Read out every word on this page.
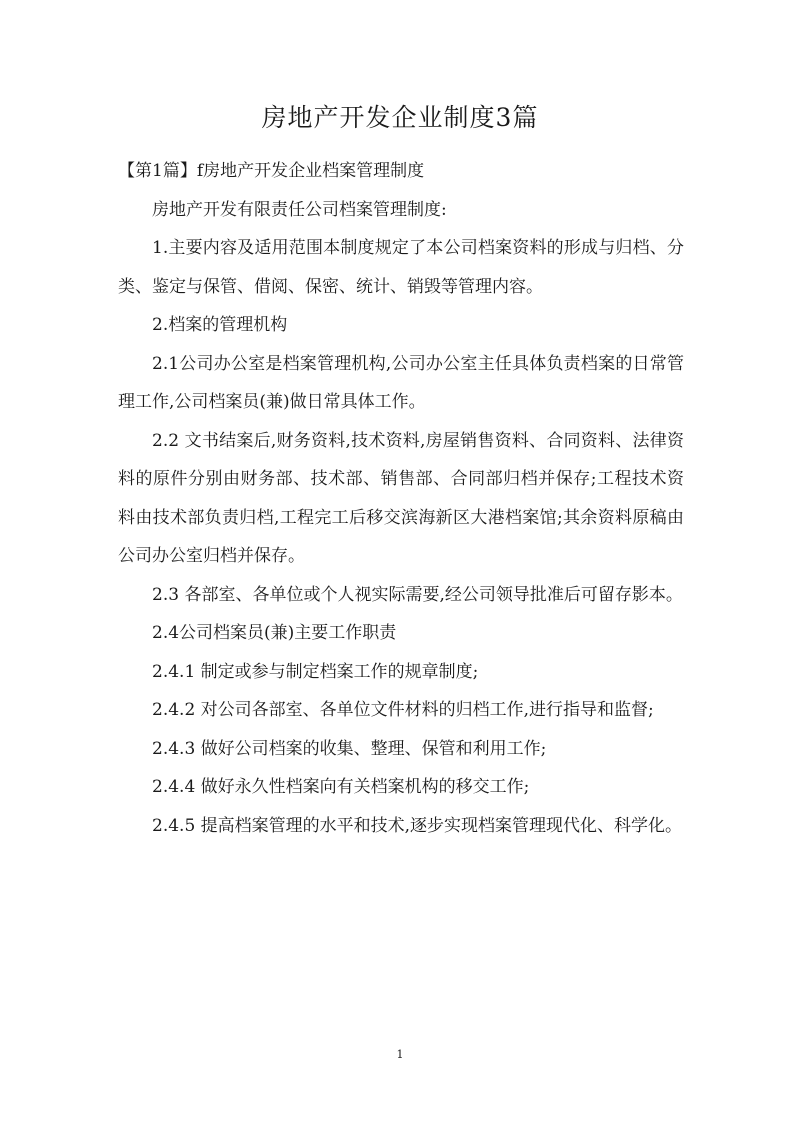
房地产开发企业制度3篇

【第1篇】f房地产开发企业档案管理制度

房地产开发有限责任公司档案管理制度:

1.主要内容及适用范围本制度规定了本公司档案资料的形成与归档、分类、鉴定与保管、借阅、保密、统计、销毁等管理内容。

2.档案的管理机构

2.1公司办公室是档案管理机构,公司办公室主任具体负责档案的日常管理工作,公司档案员(兼)做日常具体工作。

2.2 文书结案后,财务资料,技术资料,房屋销售资料、合同资料、法律资料的原件分别由财务部、技术部、销售部、合同部归档并保存;工程技术资料由技术部负责归档,工程完工后移交滨海新区大港档案馆;其余资料原稿由公司办公室归档并保存。

2.3 各部室、各单位或个人视实际需要,经公司领导批准后可留存影本。

2.4公司档案员(兼)主要工作职责

2.4.1 制定或参与制定档案工作的规章制度;

2.4.2 对公司各部室、各单位文件材料的归档工作,进行指导和监督;

2.4.3 做好公司档案的收集、整理、保管和利用工作;

2.4.4 做好永久性档案向有关档案机构的移交工作;

2.4.5 提高档案管理的水平和技术,逐步实现档案管理现代化、科学化。

1
